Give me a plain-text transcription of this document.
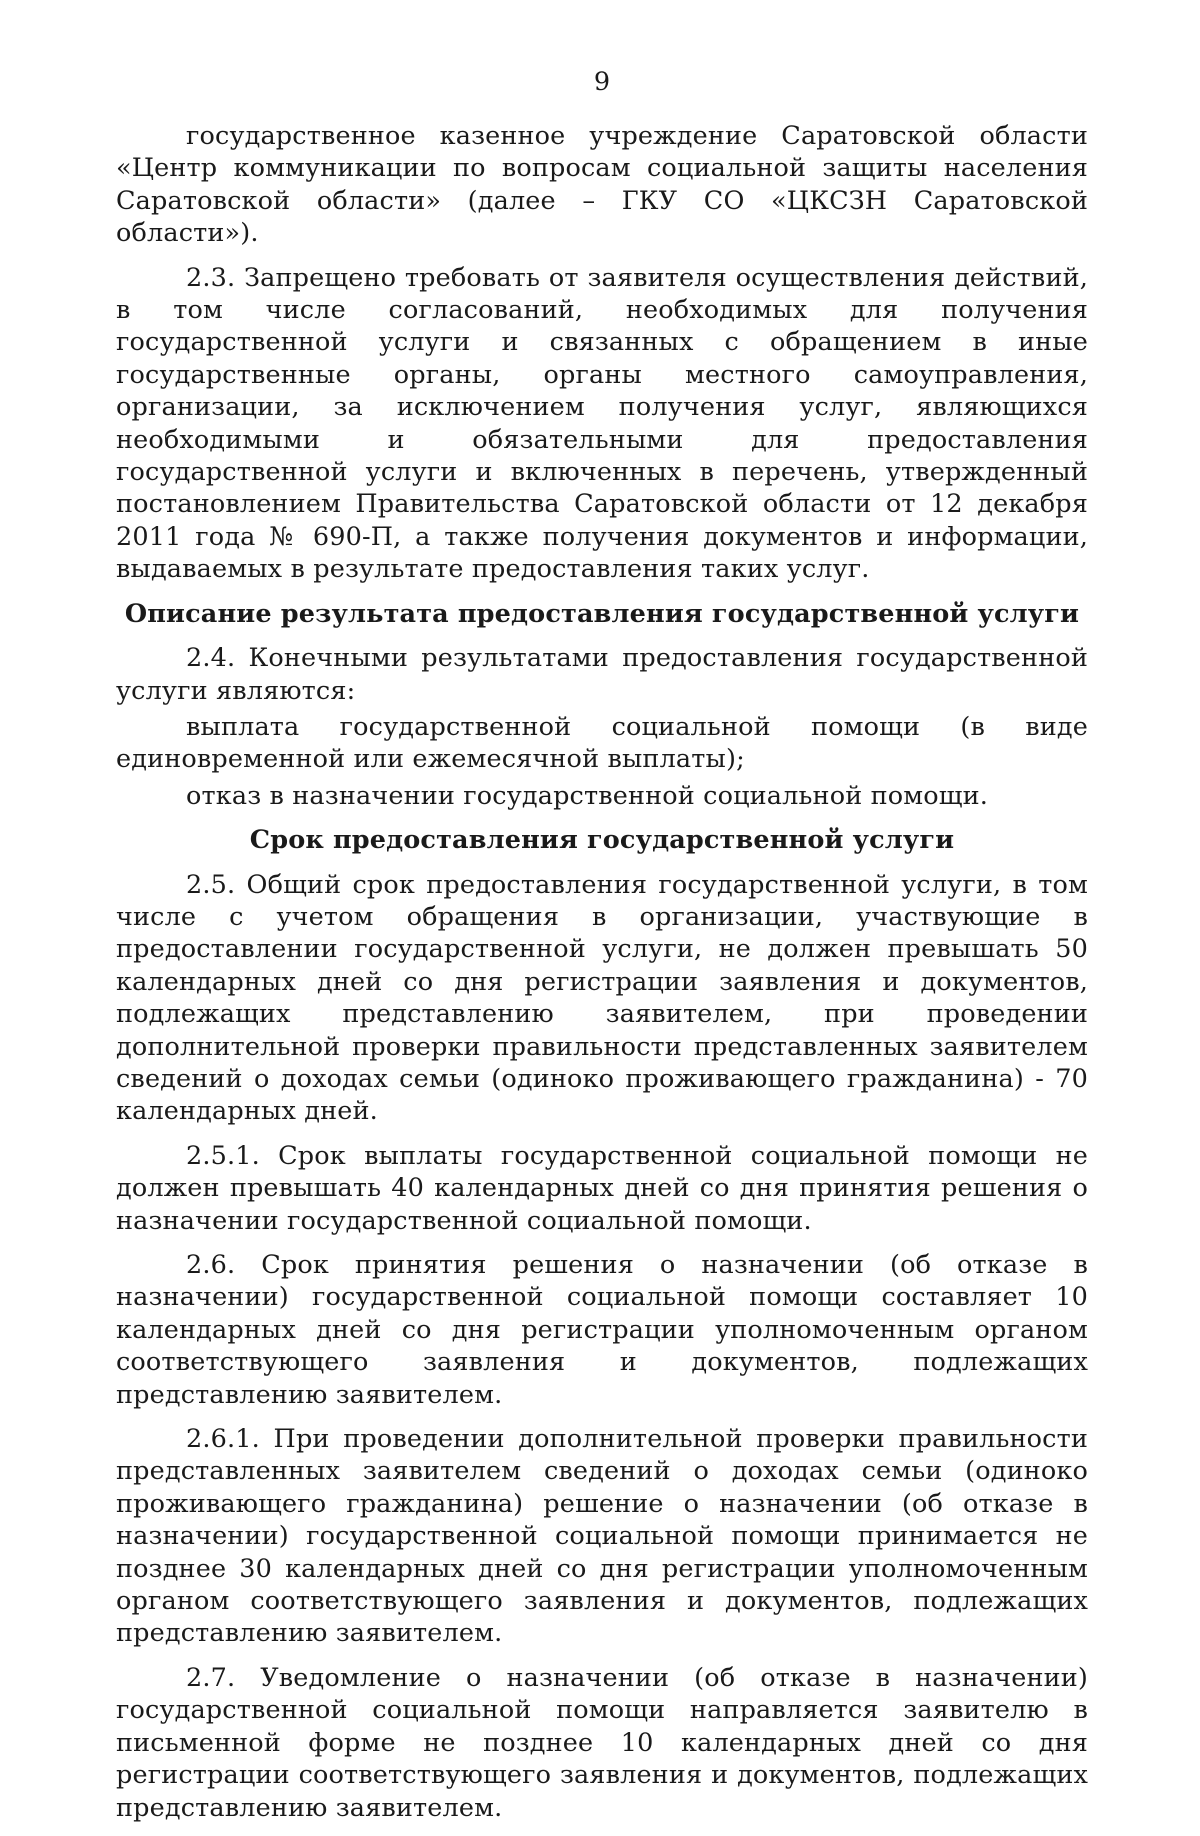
9

государственное казенное учреждение Саратовской области «Центр коммуникации по вопросам социальной защиты населения Саратовской области» (далее – ГКУ СО «ЦКСЗН Саратовской области»).

2.3. Запрещено требовать от заявителя осуществления действий, в том числе согласований, необходимых для получения государственной услуги и связанных с обращением в иные государственные органы, органы местного самоуправления, организации, за исключением получения услуг, являющихся необходимыми и обязательными для предоставления государственной услуги и включенных в перечень, утвержденный постановлением Правительства Саратовской области от 12 декабря 2011 года № 690-П, а также получения документов и информации, выдаваемых в результате предоставления таких услуг.

Описание результата предоставления государственной услуги

2.4. Конечными результатами предоставления государственной услуги являются:

выплата государственной социальной помощи (в виде единовременной или ежемесячной выплаты);

отказ в назначении государственной социальной помощи.

Срок предоставления государственной услуги

2.5. Общий срок предоставления государственной услуги, в том числе с учетом обращения в организации, участвующие в предоставлении государственной услуги, не должен превышать 50 календарных дней со дня регистрации заявления и документов, подлежащих представлению заявителем, при проведении дополнительной проверки правильности представленных заявителем сведений о доходах семьи (одиноко проживающего гражданина) - 70 календарных дней.

2.5.1. Срок выплаты государственной социальной помощи не должен превышать 40 календарных дней со дня принятия решения о назначении государственной социальной помощи.

2.6. Срок принятия решения о назначении (об отказе в назначении) государственной социальной помощи составляет 10 календарных дней со дня регистрации уполномоченным органом соответствующего заявления и документов, подлежащих представлению заявителем.

2.6.1. При проведении дополнительной проверки правильности представленных заявителем сведений о доходах семьи (одиноко проживающего гражданина) решение о назначении (об отказе в назначении) государственной социальной помощи принимается не позднее 30 календарных дней со дня регистрации уполномоченным органом соответствующего заявления и документов, подлежащих представлению заявителем.

2.7. Уведомление о назначении (об отказе в назначении) государственной социальной помощи направляется заявителю в письменной форме не позднее 10 календарных дней со дня регистрации соответствующего заявления и документов, подлежащих представлению заявителем.
